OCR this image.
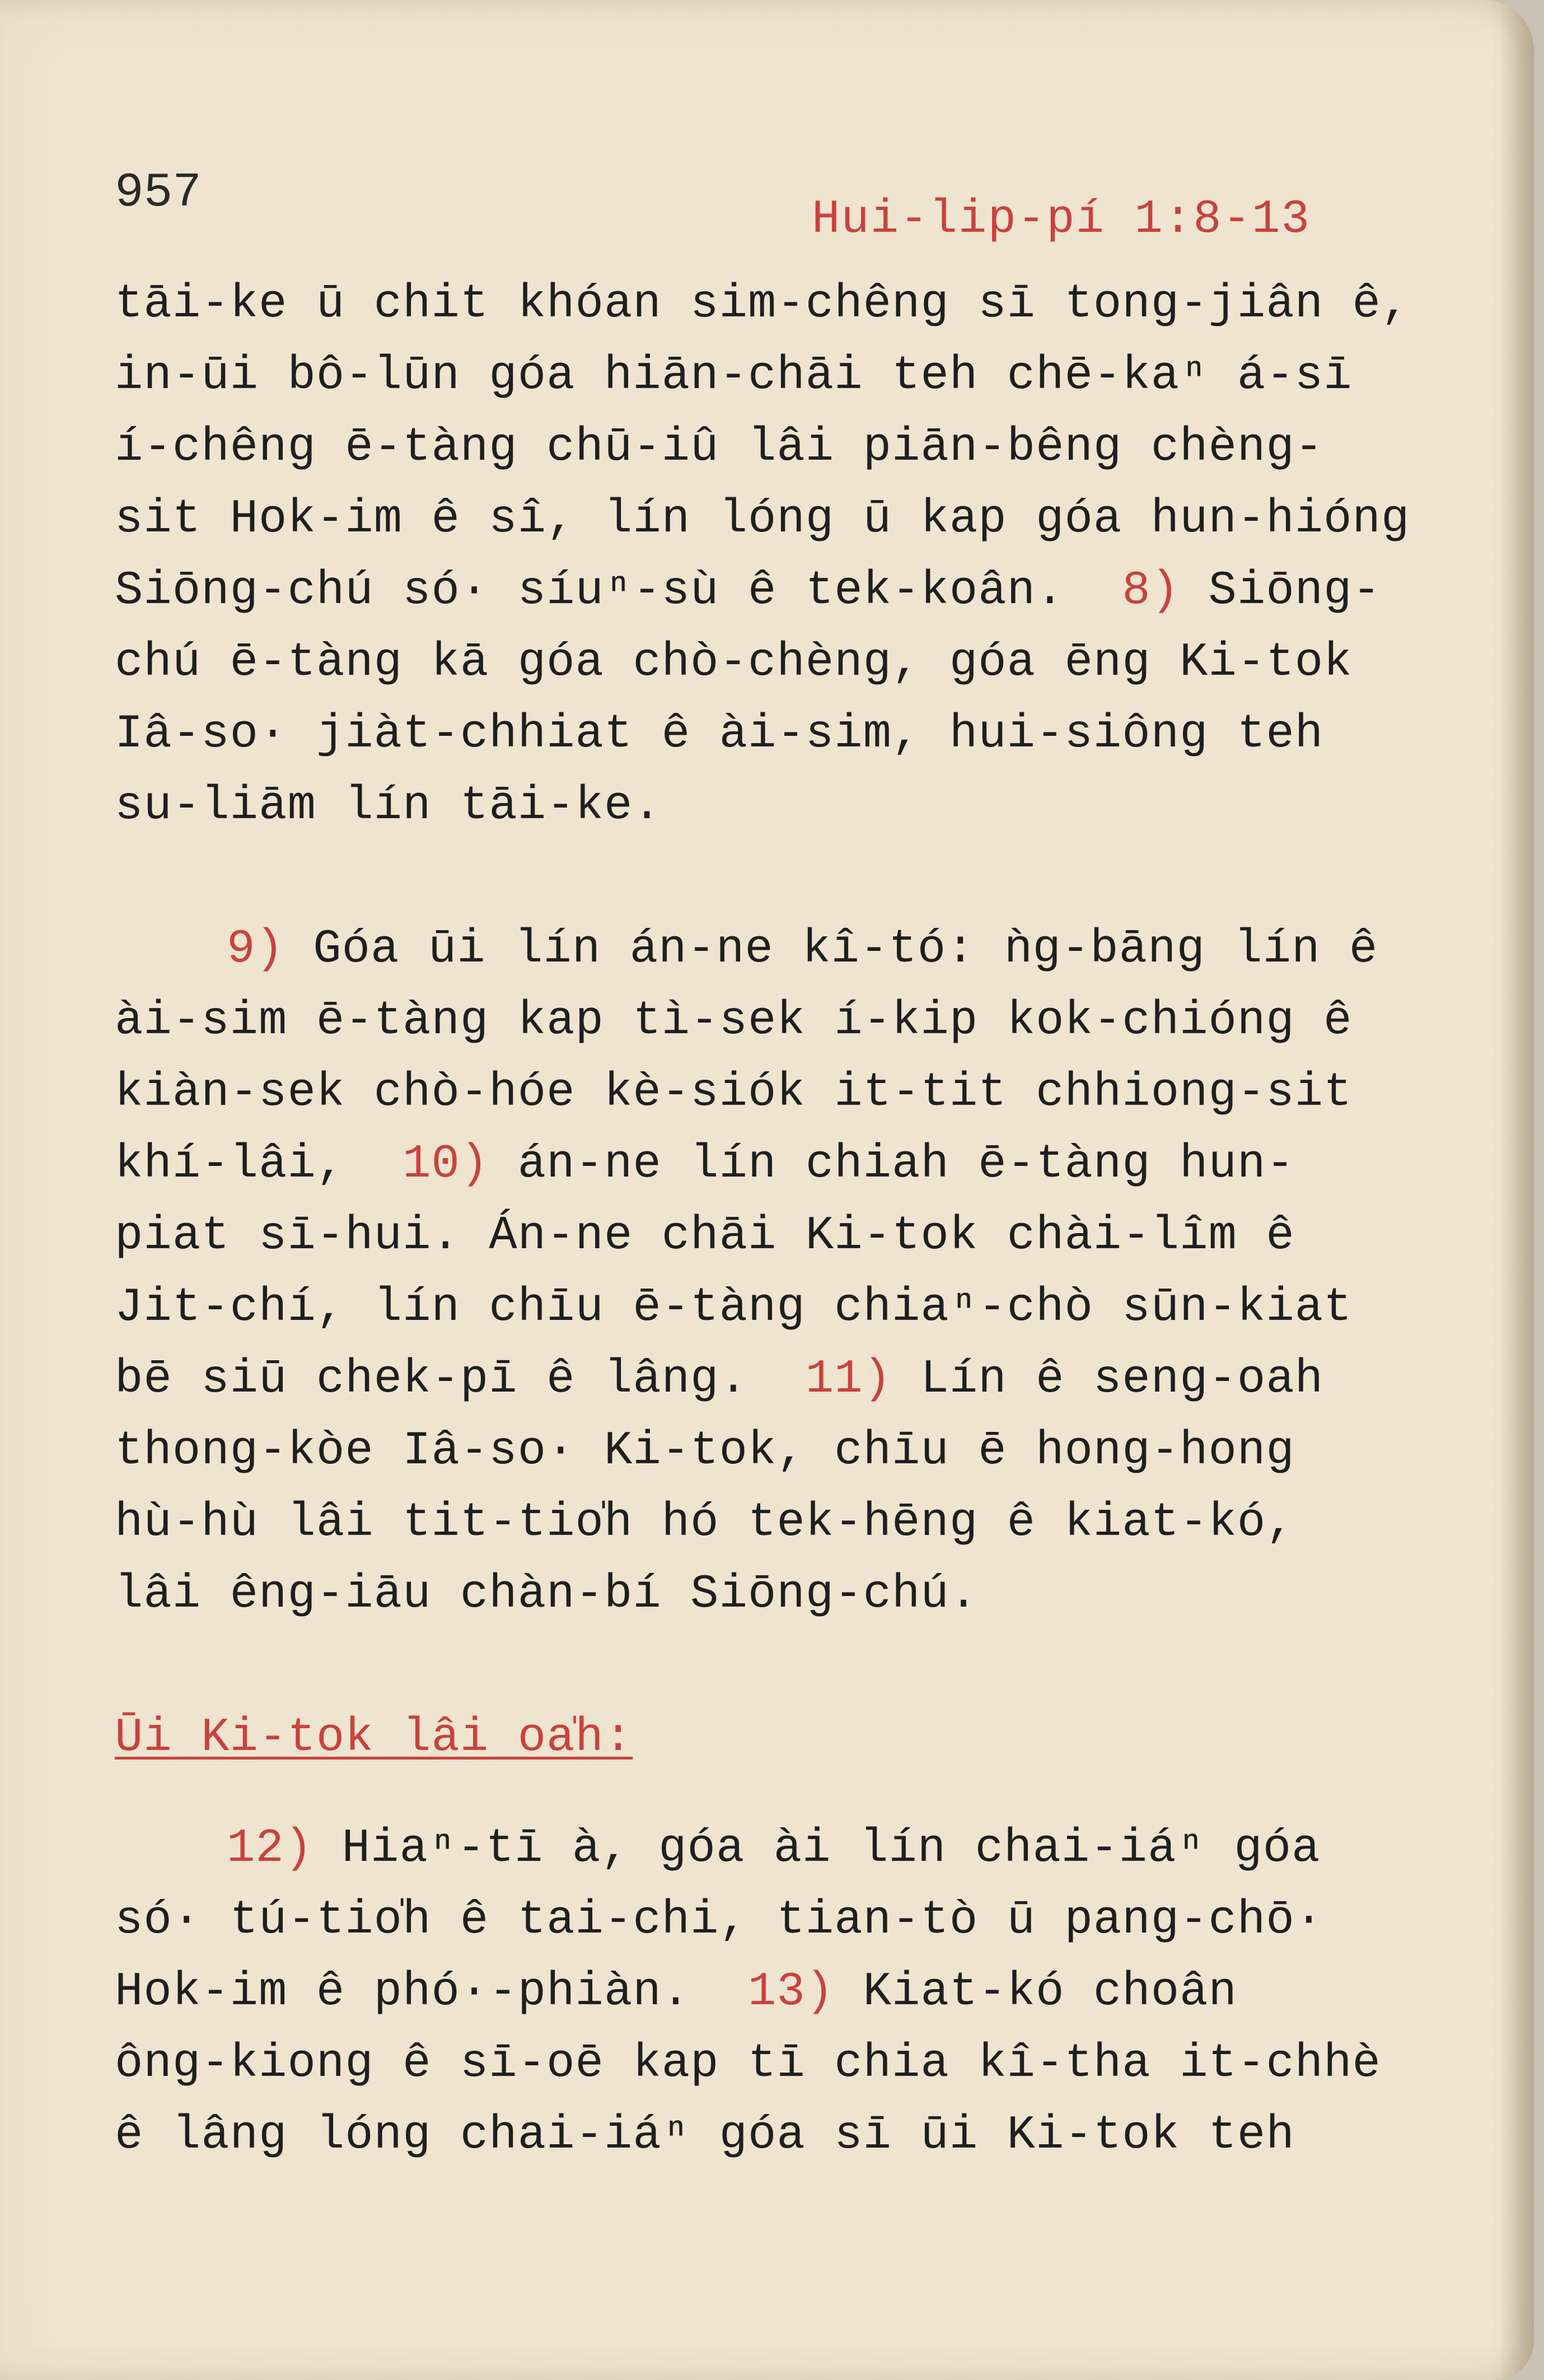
957	Hui-lip-pí 1:8-13
tāi-ke ū chit khóan sim-chêng sī tong-jiân ê,
in-ūi bô-lūn góa hiān-chāi teh chē-kaⁿ á-sī
í-chêng ē-tàng chū-iû lâi piān-bêng chèng-
sit Hok-im ê sî, lín lóng ū kap góa hun-hióng
Siōng-chú só· síuⁿ-sù ê tek-koân.  8) Siōng-
chú ē-tàng kā góa chò-chèng, góa ēng Ki-tok
Iâ-so· jiàt-chhiat ê ài-sim, hui-siông teh
su-liām lín tāi-ke.
9) Góa ūi lín án-ne kî-tó: ǹg-bāng lín ê
ài-sim ē-tàng kap tì-sek í-kip kok-chióng ê
kiàn-sek chò-hóe kè-siók it-tit chhiong-sit
khí-lâi,  10) án-ne lín chiah ē-tàng hun-
piat sī-hui. Án-ne chāi Ki-tok chài-lîm ê
Jit-chí, lín chīu ē-tàng chiaⁿ-chò sūn-kiat
bē siū chek-pī ê lâng.  11) Lín ê seng-oah
thong-kòe Iâ-so· Ki-tok, chīu ē hong-hong
hù-hù lâi tit-tio̍h hó tek-hēng ê kiat-kó,
lâi êng-iāu chàn-bí Siōng-chú.
Ūi Ki-tok lâi oa̍h:
12) Hiaⁿ-tī à, góa ài lín chai-iáⁿ góa
só· tú-tio̍h ê tai-chi, tian-tò ū pang-chō·
Hok-im ê phó·-phiàn.  13) Kiat-kó choân
ông-kiong ê sī-oē kap tī chia kî-tha it-chhè
ê lâng lóng chai-iáⁿ góa sī ūi Ki-tok teh
